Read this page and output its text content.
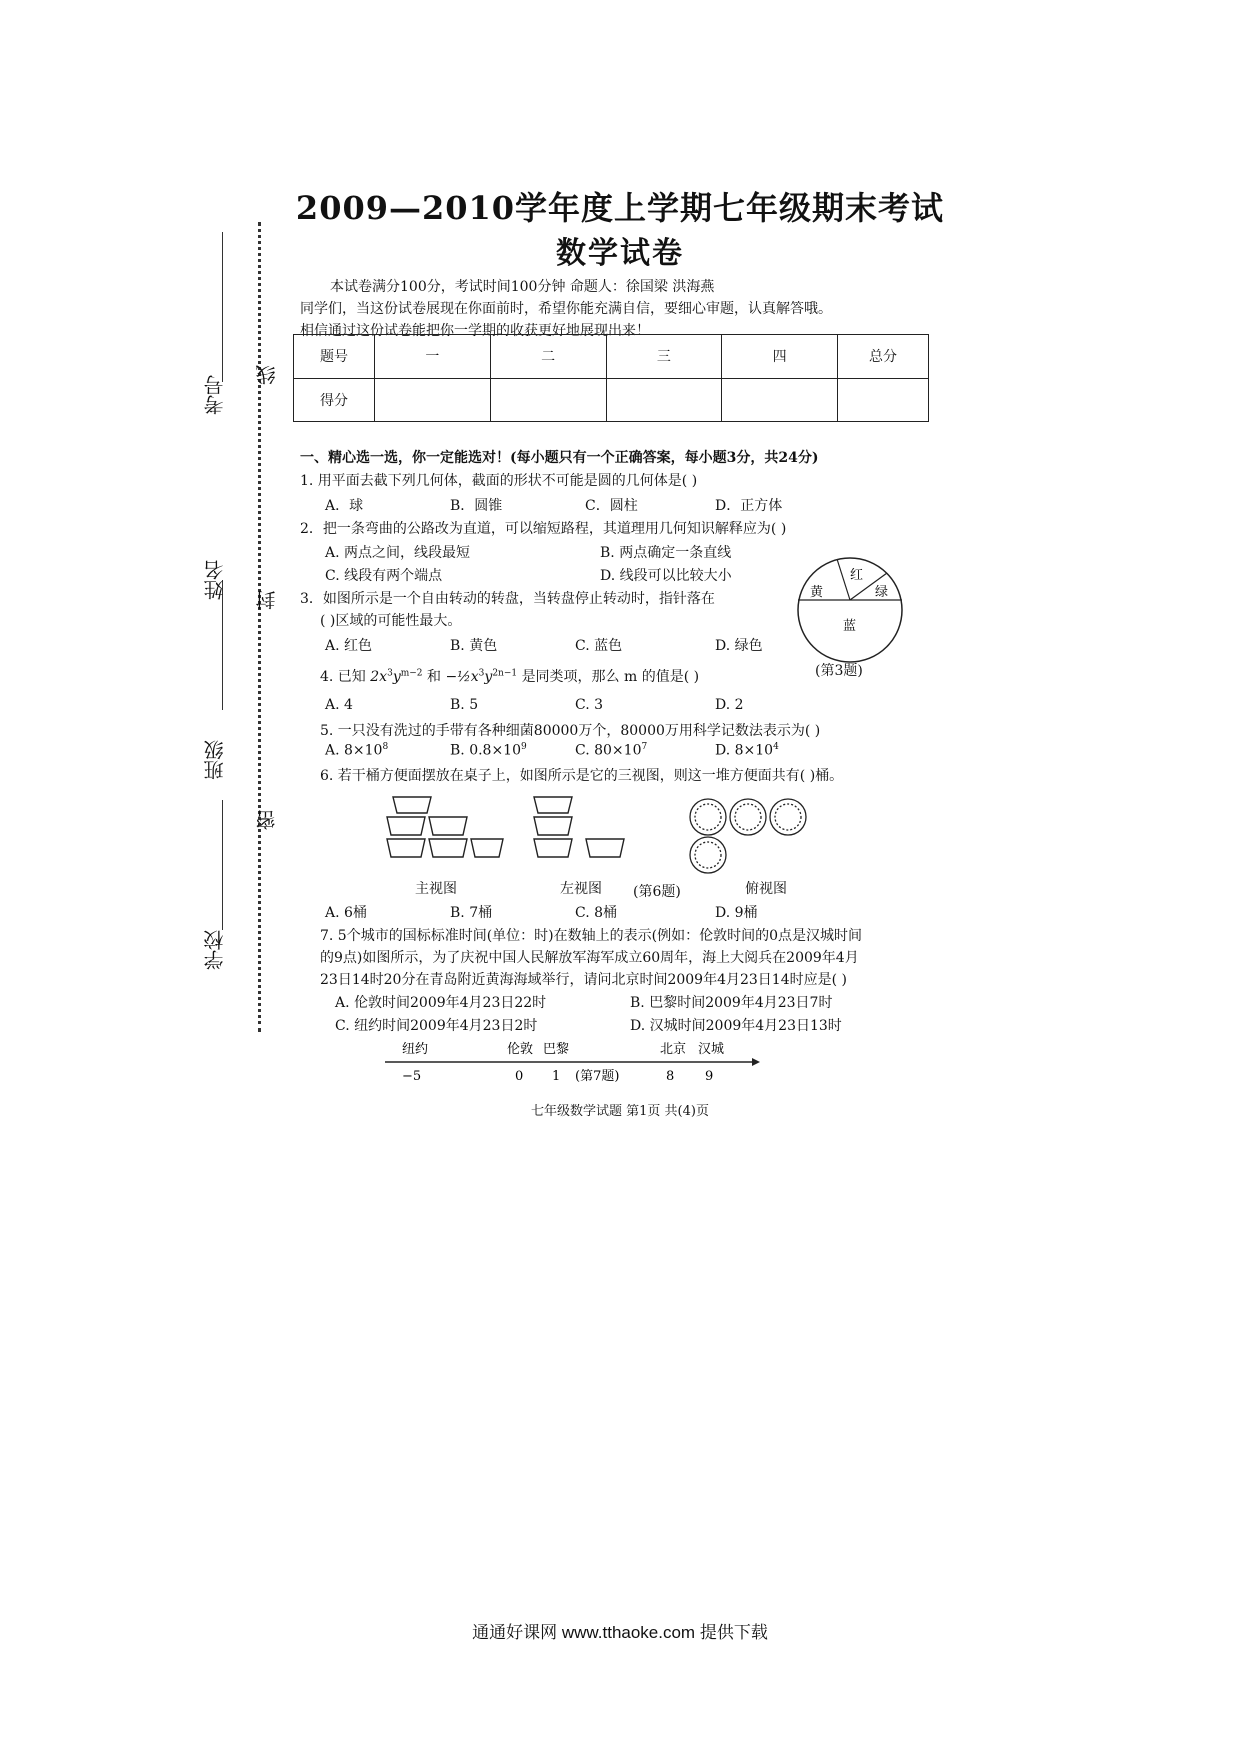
考号
姓名
班级
学校
线
封
密
2009—2010学年度上学期七年级期末考试
数学试卷
本试卷满分100分，考试时间100分钟 命题人：徐国梁 洪海燕
同学们，当这份试卷展现在你面前时，希望你能充满自信，要细心审题，认真解答哦。
相信通过这份试卷能把你一学期的收获更好地展现出来！
题号	一	二	三	四	总分
得分					
一、精心选一选，你一定能选对！(每小题只有一个正确答案，每小题3分，共24分)
1. 用平面去截下列几何体，截面的形状不可能是圆的几何体是( )
A．球	B．圆锥	C．圆柱	D．正方体
2．把一条弯曲的公路改为直道，可以缩短路程，其道理用几何知识解释应为( )
A. 两点之间，线段最短	B. 两点确定一条直线
C. 线段有两个端点	D. 线段可以比较大小
3．如图所示是一个自由转动的转盘，当转盘停止转动时，指针落在
( )区域的可能性最大。
A. 红色	B. 黄色	C. 蓝色	D. 绿色
黄
红
绿
蓝
(第3题)
4. 已知 $2x^3y^{m-2}$ 和 $-\frac{1}{2}x^3y^{2n-1}$ 是同类项，那么 m 的值是( )
A. 4	B. 5	C. 3	D. 2
5. 一只没有洗过的手带有各种细菌80000万个，80000万用科学记数法表示为( )
A. $8\times 10^8$	B. $0.8\times 10^9$	C. $80\times 10^7$	D. $8\times 10^4$
6. 若干桶方便面摆放在桌子上，如图所示是它的三视图，则这一堆方便面共有( )桶。
主视图	左视图 (第6题)	俯视图
A. 6桶	B. 7桶	C. 8桶	D. 9桶
7. 5个城市的国标标准时间(单位：时)在数轴上的表示(例如：伦敦时间的0点是汉城时间
的9点)如图所示，为了庆祝中国人民解放军海军成立60周年，海上大阅兵在2009年4月
23日14时20分在青岛附近黄海海域举行，请问北京时间2009年4月23日14时应是( )
A. 伦敦时间2009年4月23日22时	B. 巴黎时间2009年4月23日7时
C. 纽约时间2009年4月23日2时	D. 汉城时间2009年4月23日13时
纽约	伦敦 巴黎	北京 汉城
−5	0 1	8 9
(第7题)
七年级数学试题 第1页 共(4)页
通通好课网 www.tthaoke.com 提供下载
